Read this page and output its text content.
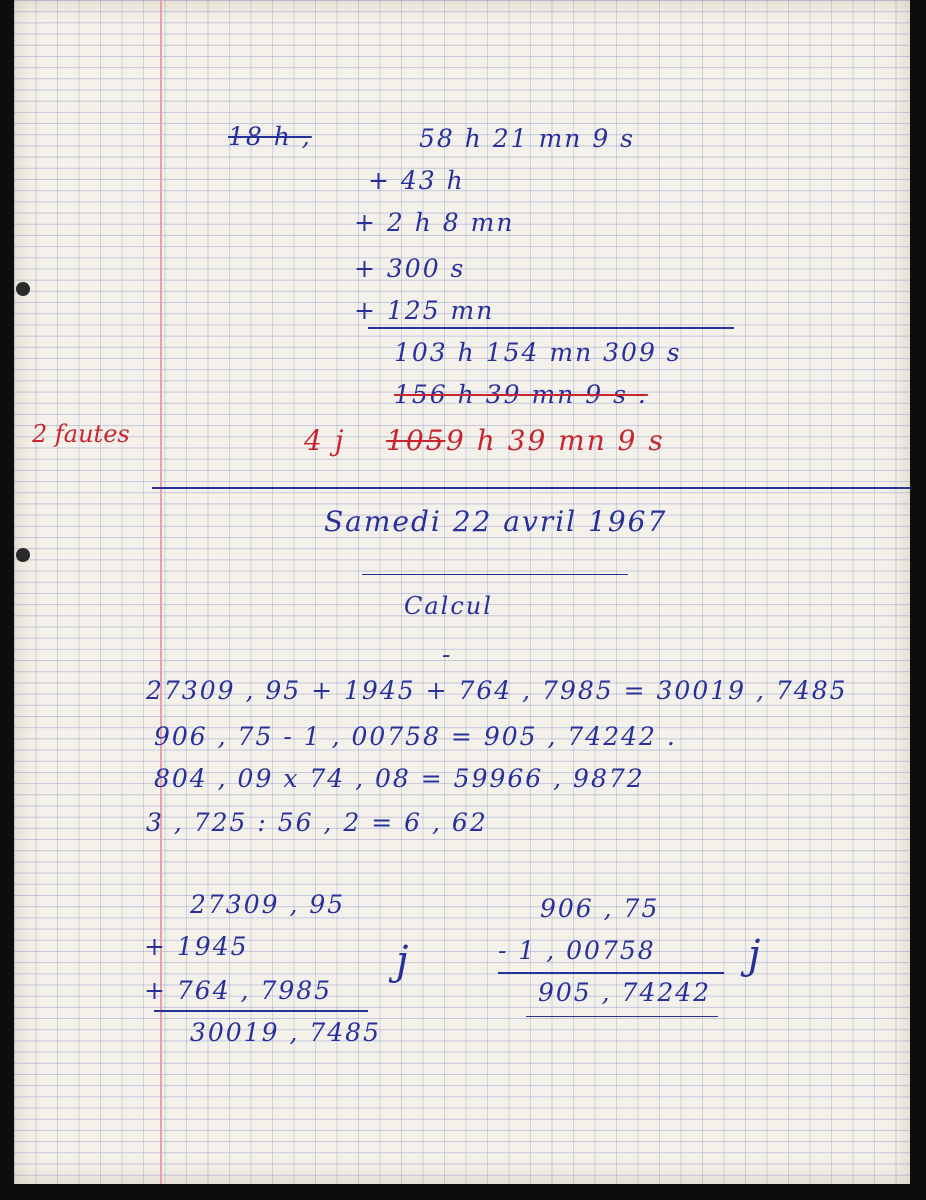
18 h ,	58 h 21 mn 9 s
+ 43 h
+ 2 h 8 mn
+ 300 s
+ 125 mn
103 h 154 mn 309 s
156 h 39 mn 9 s .
2 fautes	4 j 105 9 h 39 mn 9 s
Samedi 22 avril 1967
Calcul
-
27309 , 95 + 1945 + 764 , 7985 = 30019 , 7485
906 , 75 - 1 , 00758 = 905 , 74242 .
804 , 09 x 74 , 08 = 59966 , 9872
3 , 725 : 56 , 2 = 6 , 62
27309 , 95
+ 1945
+ 764 , 7985
30019 , 7485
j
906 , 75
- 1 , 00758
905 , 74242
j
